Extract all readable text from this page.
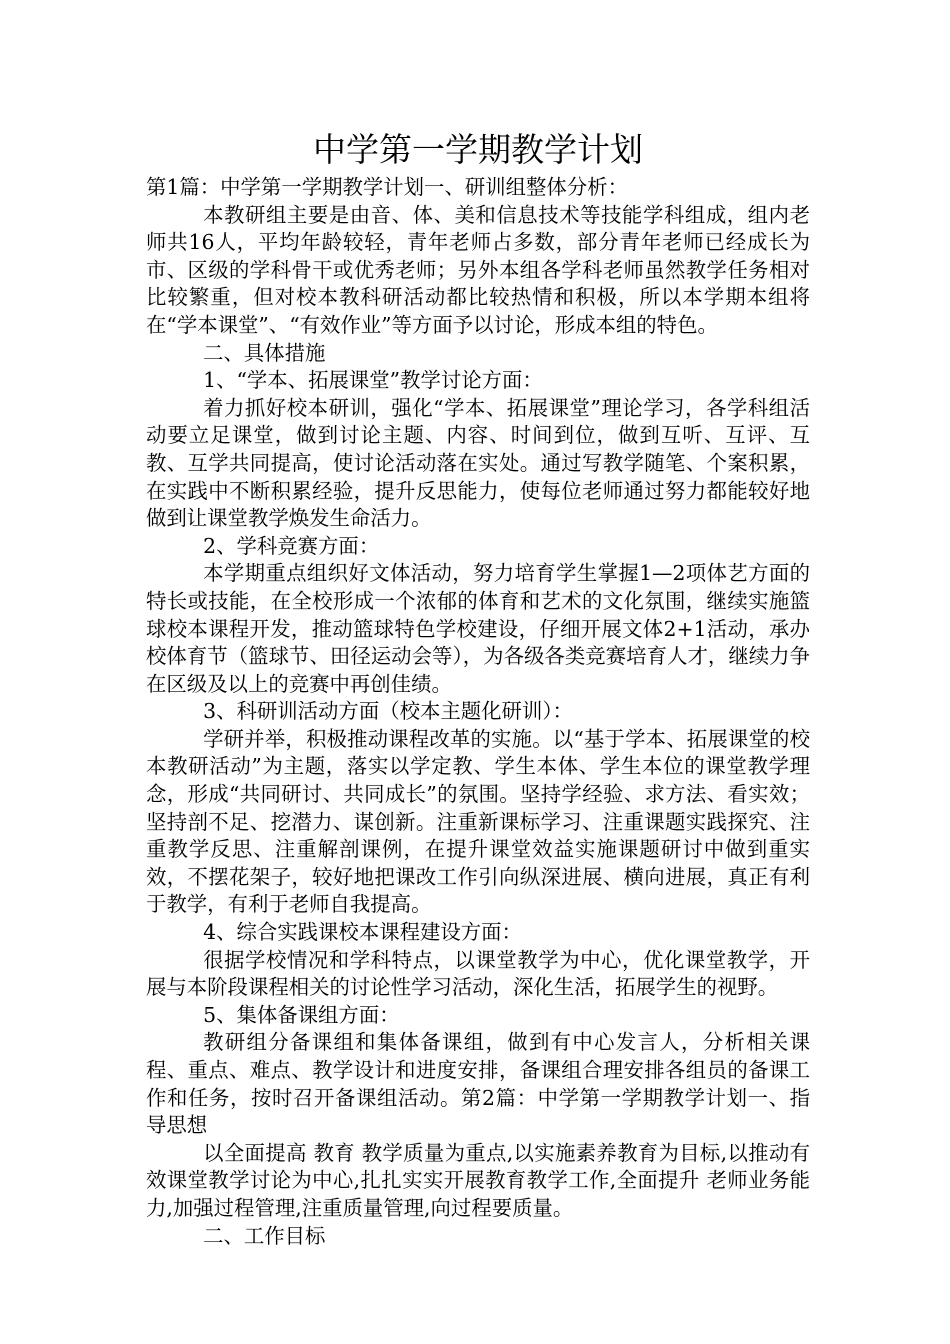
中学第一学期教学计划

第1篇：中学第一学期教学计划一、研训组整体分析：

本教研组主要是由音、体、美和信息技术等技能学科组成，组内老师共16人，平均年龄较轻，青年老师占多数，部分青年老师已经成长为市、区级的学科骨干或优秀老师；另外本组各学科老师虽然教学任务相对比较繁重，但对校本教科研活动都比较热情和积极，所以本学期本组将在“学本课堂”、“有效作业”等方面予以讨论，形成本组的特色。

二、具体措施

1、“学本、拓展课堂”教学讨论方面：

着力抓好校本研训，强化“学本、拓展课堂”理论学习，各学科组活动要立足课堂，做到讨论主题、内容、时间到位，做到互听、互评、互教、互学共同提高，使讨论活动落在实处。通过写教学随笔、个案积累，在实践中不断积累经验，提升反思能力，使每位老师通过努力都能较好地做到让课堂教学焕发生命活力。

2、学科竞赛方面：

本学期重点组织好文体活动，努力培育学生掌握1—2项体艺方面的特长或技能，在全校形成一个浓郁的体育和艺术的文化氛围，继续实施篮球校本课程开发，推动篮球特色学校建设，仔细开展文体2+1活动，承办校体育节（篮球节、田径运动会等），为各级各类竞赛培育人才，继续力争在区级及以上的竞赛中再创佳绩。

3、科研训活动方面（校本主题化研训）：

学研并举，积极推动课程改革的实施。以“基于学本、拓展课堂的校本教研活动”为主题，落实以学定教、学生本体、学生本位的课堂教学理念，形成“共同研讨、共同成长”的氛围。坚持学经验、求方法、看实效；坚持剖不足、挖潜力、谋创新。注重新课标学习、注重课题实践探究、注重教学反思、注重解剖课例，在提升课堂效益实施课题研讨中做到重实效，不摆花架子，较好地把课改工作引向纵深进展、横向进展，真正有利于教学，有利于老师自我提高。

4、综合实践课校本课程建设方面：

很据学校情况和学科特点，以课堂教学为中心，优化课堂教学，开展与本阶段课程相关的讨论性学习活动，深化生活，拓展学生的视野。

5、集体备课组方面：

教研组分备课组和集体备课组，做到有中心发言人，分析相关课程、重点、难点、教学设计和进度安排，备课组合理安排各组员的备课工作和任务，按时召开备课组活动。第2篇：中学第一学期教学计划一、指导思想

以全面提高 教育 教学质量为重点,以实施素养教育为目标,以推动有效课堂教学讨论为中心,扎扎实实开展教育教学工作,全面提升 老师业务能力,加强过程管理,注重质量管理,向过程要质量。

二、工作目标
